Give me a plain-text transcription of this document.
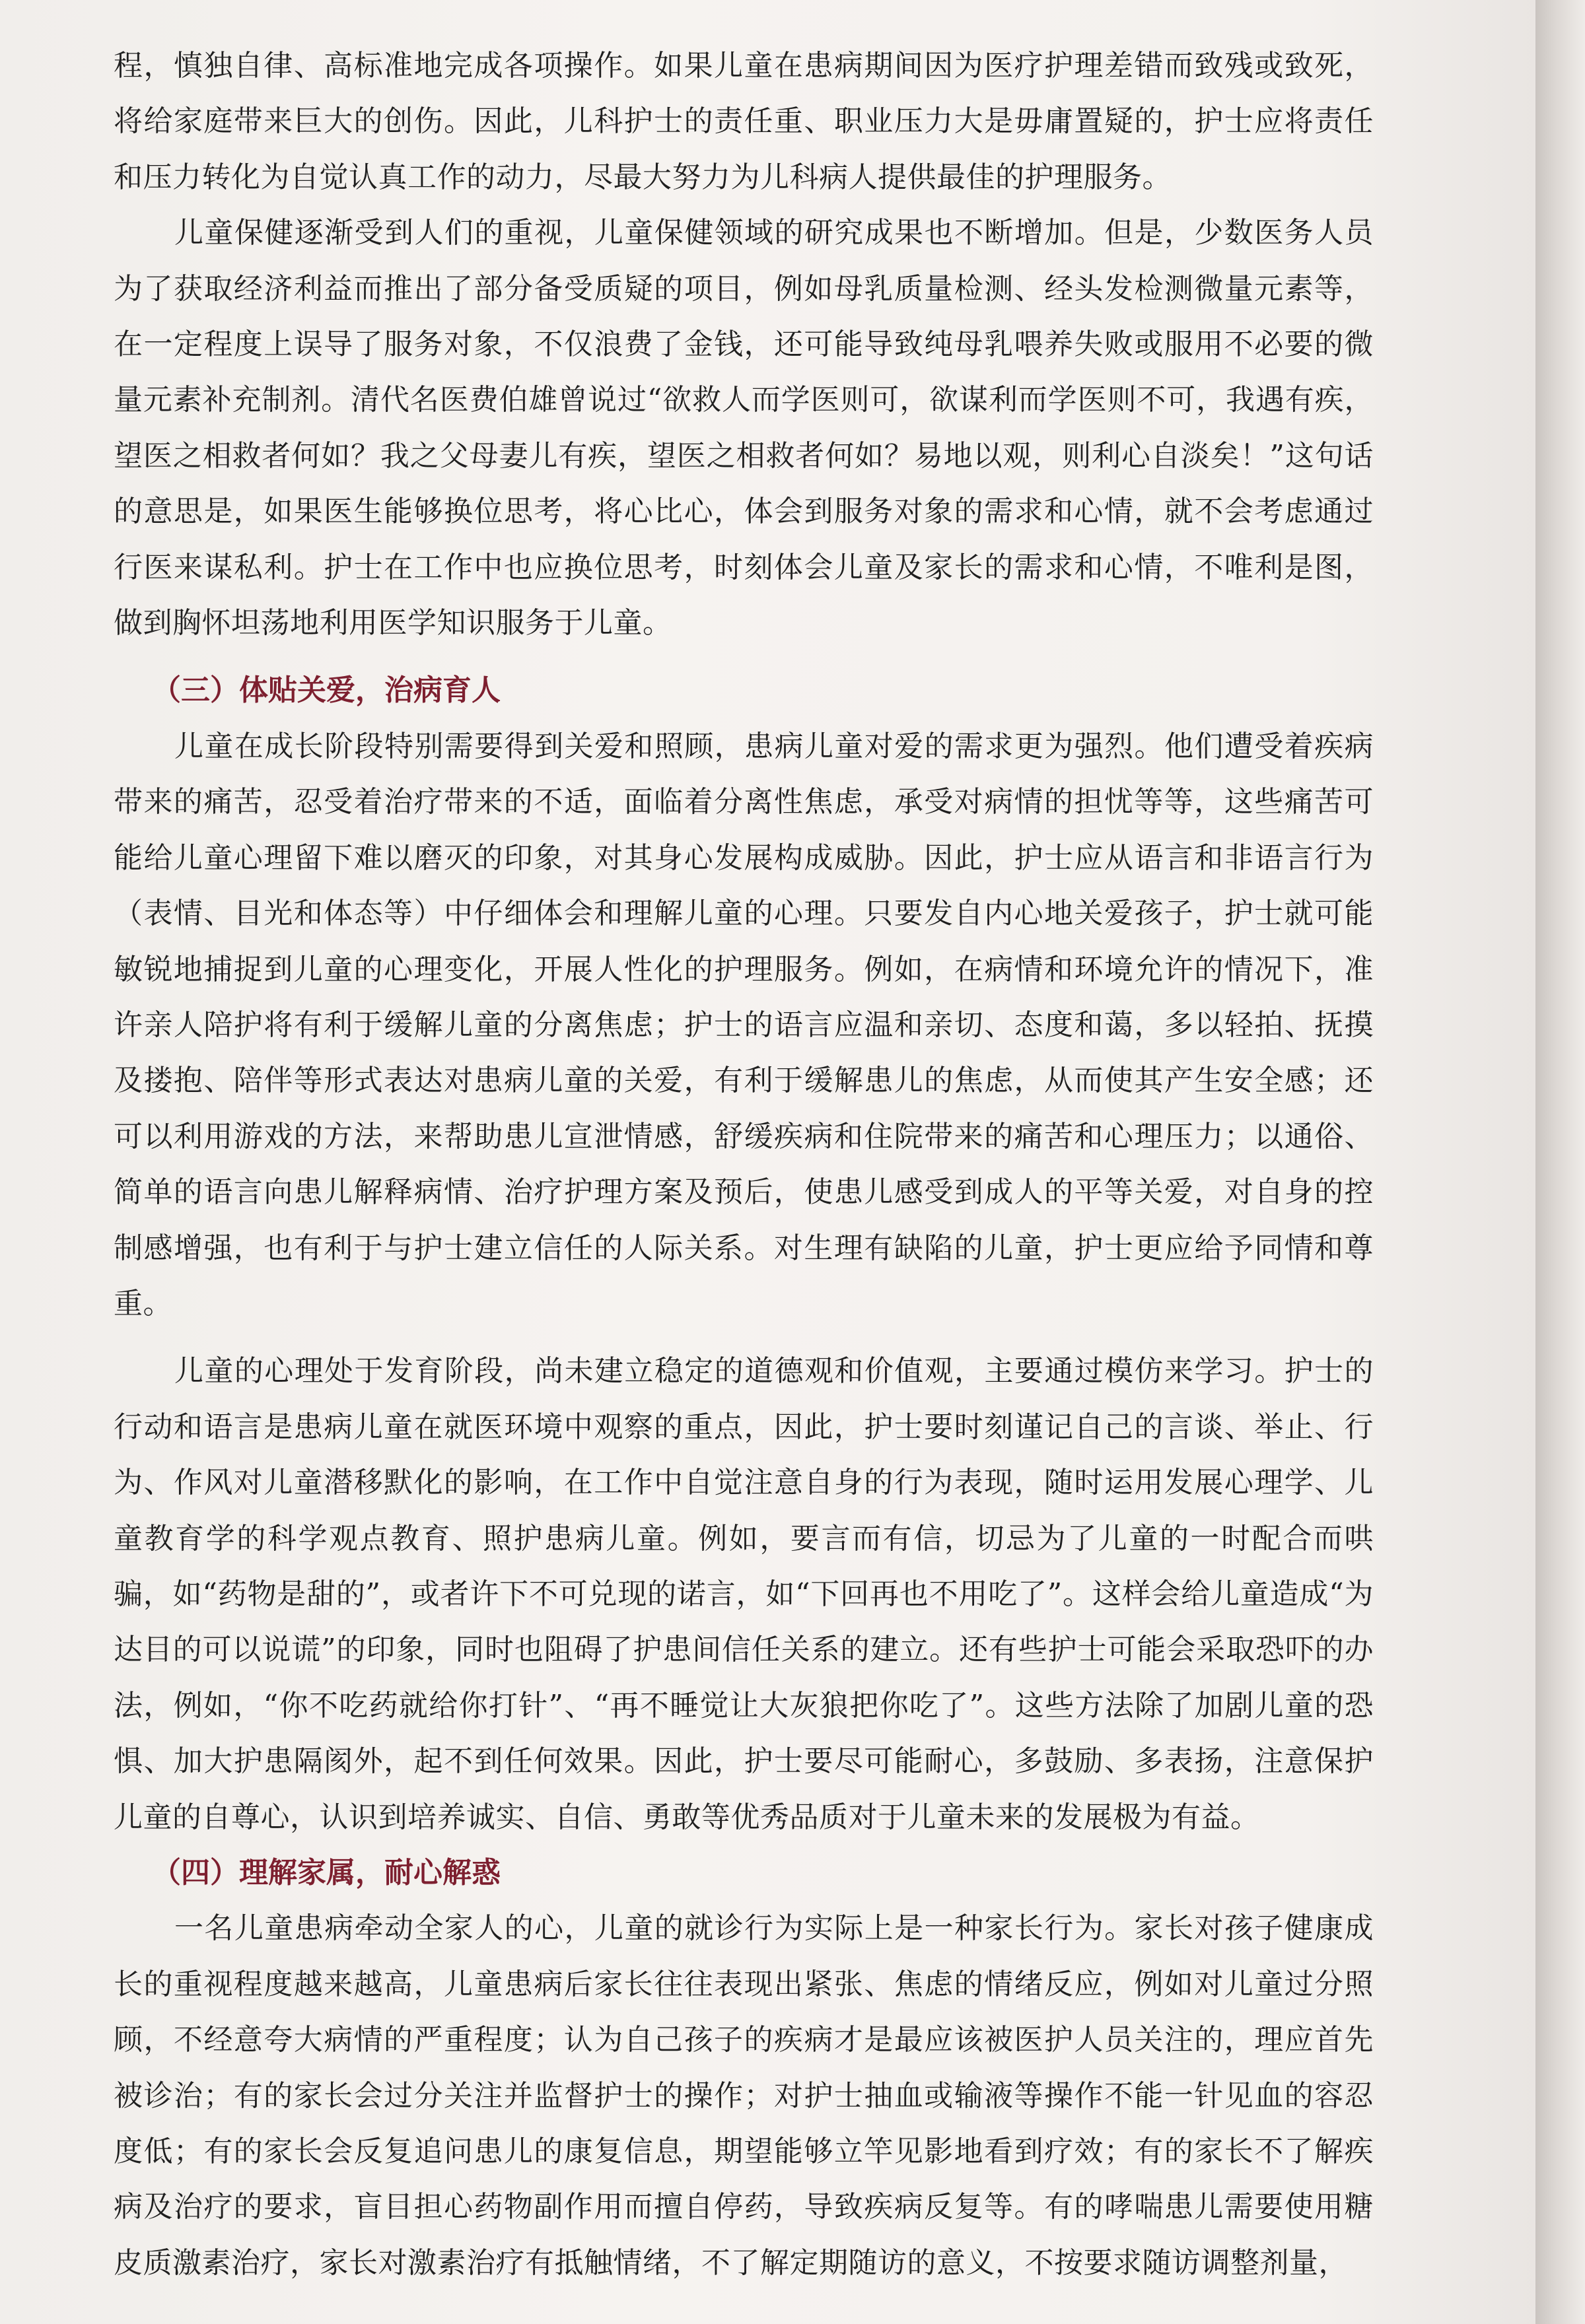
程，慎独自律、高标准地完成各项操作。如果儿童在患病期间因为医疗护理差错而致残或致死，将给家庭带来巨大的创伤。因此，儿科护士的责任重、职业压力大是毋庸置疑的，护士应将责任和压力转化为自觉认真工作的动力，尽最大努力为儿科病人提供最佳的护理服务。

儿童保健逐渐受到人们的重视，儿童保健领域的研究成果也不断增加。但是，少数医务人员为了获取经济利益而推出了部分备受质疑的项目，例如母乳质量检测、经头发检测微量元素等，在一定程度上误导了服务对象，不仅浪费了金钱，还可能导致纯母乳喂养失败或服用不必要的微量元素补充制剂。清代名医费伯雄曾说过“欲救人而学医则可，欲谋利而学医则不可，我遇有疾，望医之相救者何如？我之父母妻儿有疾，望医之相救者何如？易地以观，则利心自淡矣！”这句话的意思是，如果医生能够换位思考，将心比心，体会到服务对象的需求和心情，就不会考虑通过行医来谋私利。护士在工作中也应换位思考，时刻体会儿童及家长的需求和心情，不唯利是图，做到胸怀坦荡地利用医学知识服务于儿童。

（三）体贴关爱，治病育人

儿童在成长阶段特别需要得到关爱和照顾，患病儿童对爱的需求更为强烈。他们遭受着疾病带来的痛苦，忍受着治疗带来的不适，面临着分离性焦虑，承受对病情的担忧等等，这些痛苦可能给儿童心理留下难以磨灭的印象，对其身心发展构成威胁。因此，护士应从语言和非语言行为（表情、目光和体态等）中仔细体会和理解儿童的心理。只要发自内心地关爱孩子，护士就可能敏锐地捕捉到儿童的心理变化，开展人性化的护理服务。例如，在病情和环境允许的情况下，准许亲人陪护将有利于缓解儿童的分离焦虑；护士的语言应温和亲切、态度和蔼，多以轻拍、抚摸及搂抱、陪伴等形式表达对患病儿童的关爱，有利于缓解患儿的焦虑，从而使其产生安全感；还可以利用游戏的方法，来帮助患儿宣泄情感，舒缓疾病和住院带来的痛苦和心理压力；以通俗、简单的语言向患儿解释病情、治疗护理方案及预后，使患儿感受到成人的平等关爱，对自身的控制感增强，也有利于与护士建立信任的人际关系。对生理有缺陷的儿童，护士更应给予同情和尊重。

儿童的心理处于发育阶段，尚未建立稳定的道德观和价值观，主要通过模仿来学习。护士的行动和语言是患病儿童在就医环境中观察的重点，因此，护士要时刻谨记自己的言谈、举止、行为、作风对儿童潜移默化的影响，在工作中自觉注意自身的行为表现，随时运用发展心理学、儿童教育学的科学观点教育、照护患病儿童。例如，要言而有信，切忌为了儿童的一时配合而哄骗，如“药物是甜的”，或者许下不可兑现的诺言，如“下回再也不用吃了”。这样会给儿童造成“为达目的可以说谎”的印象，同时也阻碍了护患间信任关系的建立。还有些护士可能会采取恐吓的办法，例如，“你不吃药就给你打针”、“再不睡觉让大灰狼把你吃了”。这些方法除了加剧儿童的恐惧、加大护患隔阂外，起不到任何效果。因此，护士要尽可能耐心，多鼓励、多表扬，注意保护儿童的自尊心，认识到培养诚实、自信、勇敢等优秀品质对于儿童未来的发展极为有益。

（四）理解家属，耐心解惑

一名儿童患病牵动全家人的心，儿童的就诊行为实际上是一种家长行为。家长对孩子健康成长的重视程度越来越高，儿童患病后家长往往表现出紧张、焦虑的情绪反应，例如对儿童过分照顾，不经意夸大病情的严重程度；认为自己孩子的疾病才是最应该被医护人员关注的，理应首先被诊治；有的家长会过分关注并监督护士的操作；对护士抽血或输液等操作不能一针见血的容忍度低；有的家长会反复追问患儿的康复信息，期望能够立竿见影地看到疗效；有的家长不了解疾病及治疗的要求，盲目担心药物副作用而擅自停药，导致疾病反复等。有的哮喘患儿需要使用糖皮质激素治疗，家长对激素治疗有抵触情绪，不了解定期随访的意义，不按要求随访调整剂量，
